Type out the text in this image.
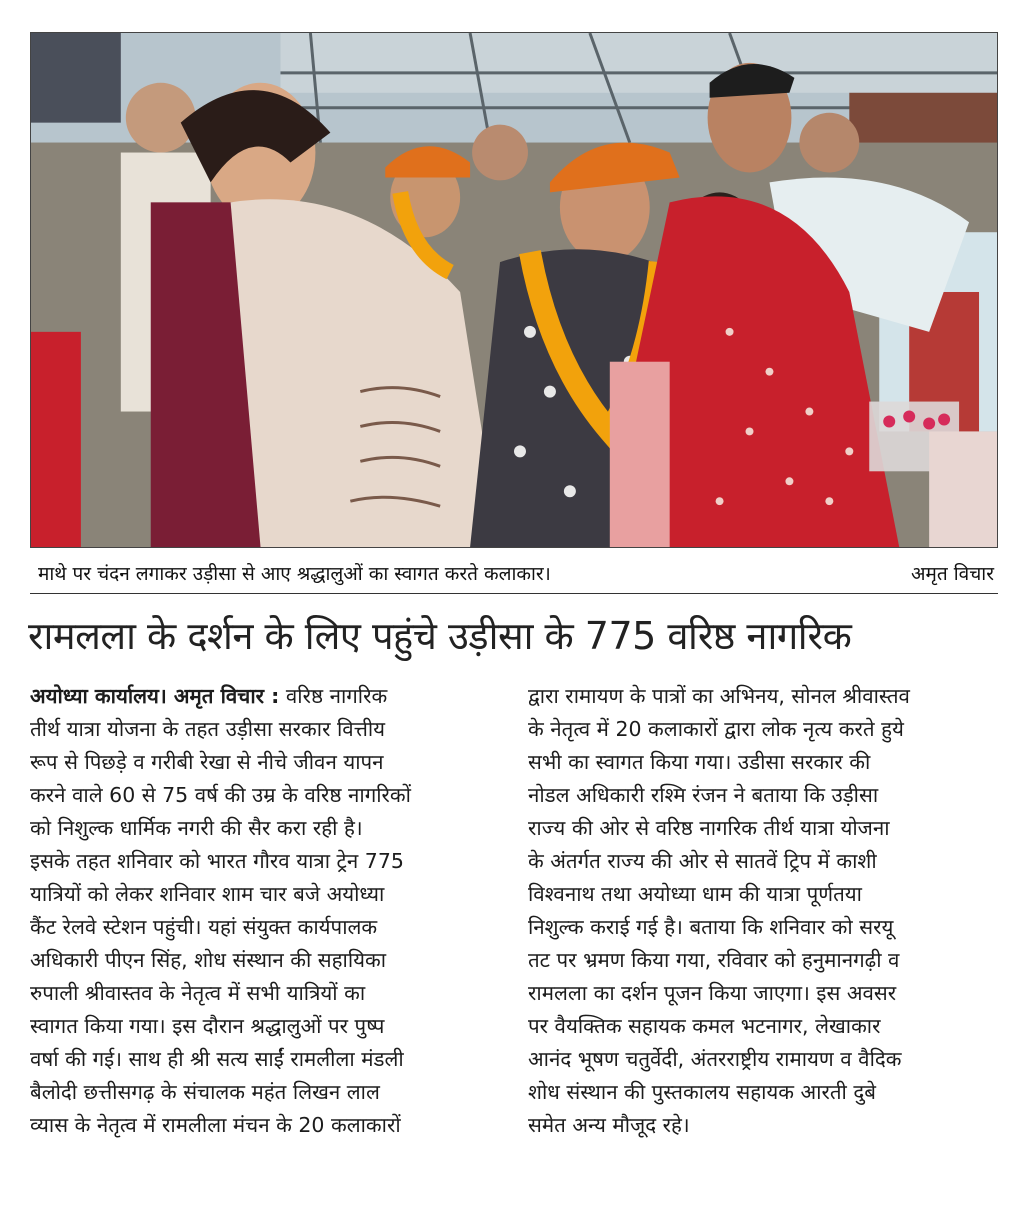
माथे पर चंदन लगाकर उड़ीसा से आए श्रद्धालुओं का स्वागत करते कलाकार।	अमृत विचार
रामलला के दर्शन के लिए पहुंचे उड़ीसा के 775 वरिष्ठ नागरिक
अयोध्या कार्यालय। अमृत विचार : वरिष्ठ नागरिक
तीर्थ यात्रा योजना के तहत उड़ीसा सरकार वित्तीय
रूप से पिछड़े व गरीबी रेखा से नीचे जीवन यापन
करने वाले 60 से 75 वर्ष की उम्र के वरिष्ठ नागरिकों
को निशुल्क धार्मिक नगरी की सैर करा रही है।
इसके तहत शनिवार को भारत गौरव यात्रा ट्रेन 775
यात्रियों को लेकर शनिवार शाम चार बजे अयोध्या
कैंट रेलवे स्टेशन पहुंची। यहां संयुक्त कार्यपालक
अधिकारी पीएन सिंह, शोध संस्थान की सहायिका
रुपाली श्रीवास्तव के नेतृत्व में सभी यात्रियों का
स्वागत किया गया। इस दौरान श्रद्धालुओं पर पुष्प
वर्षा की गई। साथ ही श्री सत्य साईं रामलीला मंडली
बैलोदी छत्तीसगढ़ के संचालक महंत लिखन लाल
व्यास के नेतृत्व में रामलीला मंचन के 20 कलाकारों
द्वारा रामायण के पात्रों का अभिनय, सोनल श्रीवास्तव
के नेतृत्व में 20 कलाकारों द्वारा लोक नृत्य करते हुये
सभी का स्वागत किया गया। उडीसा सरकार की
नोडल अधिकारी रश्मि रंजन ने बताया कि उड़ीसा
राज्य की ओर से वरिष्ठ नागरिक तीर्थ यात्रा योजना
के अंतर्गत राज्य की ओर से सातवें ट्रिप में काशी
विश्वनाथ तथा अयोध्या धाम की यात्रा पूर्णतया
निशुल्क कराई गई है। बताया कि शनिवार को सरयू
तट पर भ्रमण किया गया, रविवार को हनुमानगढ़ी व
रामलला का दर्शन पूजन किया जाएगा। इस अवसर
पर वैयक्तिक सहायक कमल भटनागर, लेखाकार
आनंद भूषण चतुर्वेदी, अंतरराष्ट्रीय रामायण व वैदिक
शोध संस्थान की पुस्तकालय सहायक आरती दुबे
समेत अन्य मौजूद रहे।
